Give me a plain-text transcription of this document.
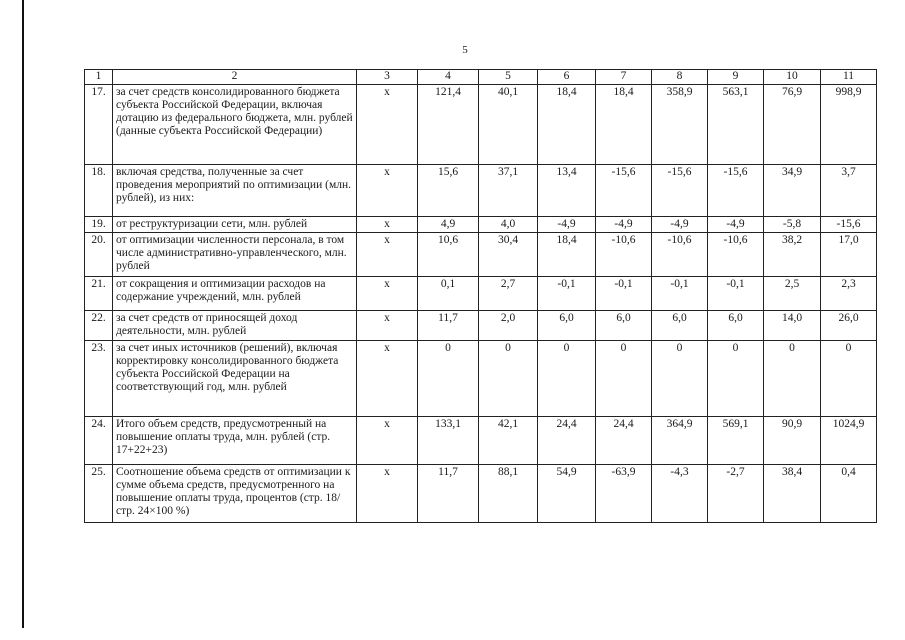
5
1	2	3	4	5	6	7	8	9	10	11
17.	за счет средств консолидированного бюджета субъекта Российской Федерации, включая дотацию из федерального бюджета, млн. рублей (данные субъекта Российской Федерации)	х	121,4	40,1	18,4	18,4	358,9	563,1	76,9	998,9
18.	включая средства, полученные за счет проведения мероприятий по оптимизации (млн. рублей), из них:	х	15,6	37,1	13,4	-15,6	-15,6	-15,6	34,9	3,7
19.	от реструктуризации сети, млн. рублей	х	4,9	4,0	-4,9	-4,9	-4,9	-4,9	-5,8	-15,6
20.	от оптимизации численности персонала, в том числе административно-управленческого, млн. рублей	х	10,6	30,4	18,4	-10,6	-10,6	-10,6	38,2	17,0
21.	от сокращения и оптимизации расходов на содержание учреждений, млн. рублей	х	0,1	2,7	-0,1	-0,1	-0,1	-0,1	2,5	2,3
22.	за счет средств от приносящей доход деятельности, млн. рублей	х	11,7	2,0	6,0	6,0	6,0	6,0	14,0	26,0
23.	за счет иных источников (решений), включая корректировку консолидированного бюджета субъекта Российской Федерации на соответствующий год, млн. рублей	х	0	0	0	0	0	0	0	0
24.	Итого объем средств, предусмотренный на повышение оплаты труда, млн. рублей (стр. 17+22+23)	х	133,1	42,1	24,4	24,4	364,9	569,1	90,9	1024,9
25.	Соотношение объема средств от оптимизации к сумме объема средств, предусмотренного на повышение оплаты труда, процентов (стр. 18/стр. 24×100 %)	х	11,7	88,1	54,9	-63,9	-4,3	-2,7	38,4	0,4
